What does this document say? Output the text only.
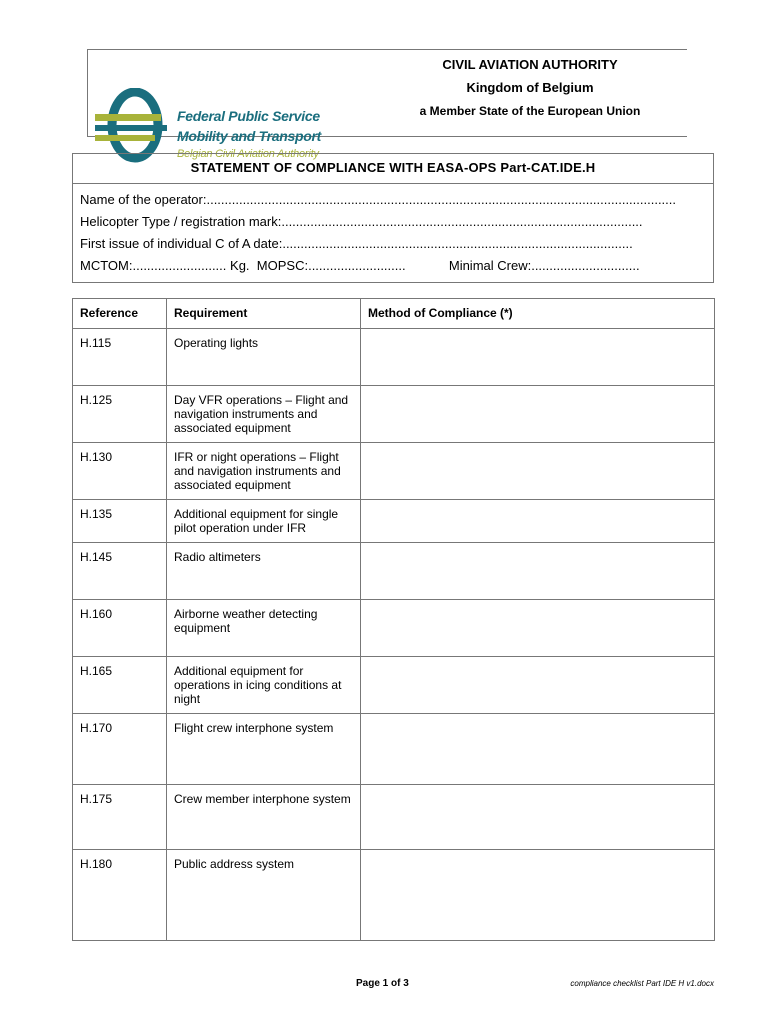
Federal Public Service
Mobility and Transport
Belgian Civil Aviation Authority
CIVIL AVIATION AUTHORITY
Kingdom of Belgium
a Member State of the European Union
STATEMENT OF COMPLIANCE WITH EASA-OPS Part-CAT.IDE.H
Name of the operator:..................................................................................................................................
Helicopter Type / registration mark:....................................................................................................
First issue of individual C of A date:.................................................................................................
MCTOM:.......................... Kg. MOPSC:...........................	Minimal Crew:..............................
Reference	Requirement	Method of Compliance (*)
H.115	Operating lights	
H.125	Day VFR operations – Flight and navigation instruments and associated equipment	
H.130	IFR or night operations – Flight and navigation instruments and associated equipment	
H.135	Additional equipment for single pilot operation under IFR	
H.145	Radio altimeters	
H.160	Airborne weather detecting equipment	
H.165	Additional equipment for operations in icing conditions at night	
H.170	Flight crew interphone system	
H.175	Crew member interphone system	
H.180	Public address system	
Page 1 of 3	compliance checklist Part IDE H v1.docx
